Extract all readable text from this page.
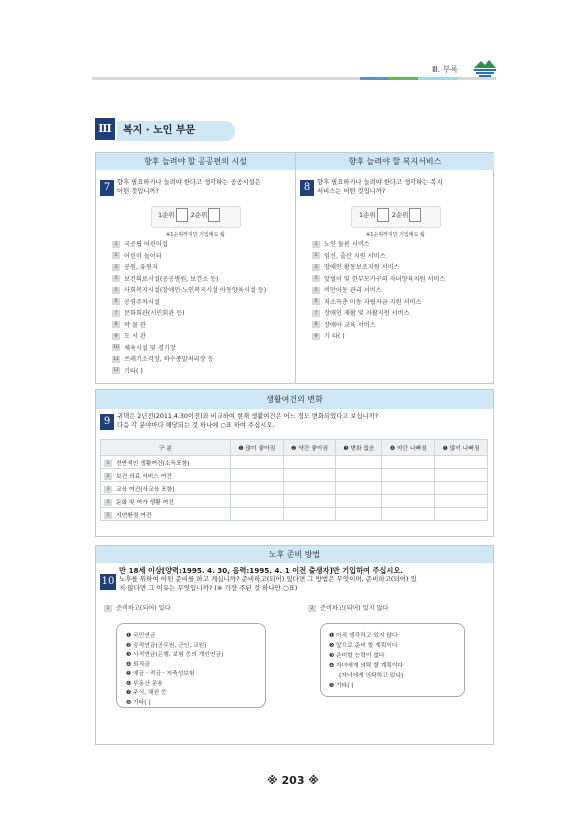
Ⅲ. 부록
Ⅲ	복지 · 노인 부문
향후 늘려야 할 공공편의 시설	향후 늘려야 할 복지서비스
7	향후 필요하거나 늘려야 한다고 생각하는 공공시설은
어떤 것입니까?	8	향후 필요하거나 늘려야 한다고 생각하는 복지
서비스는 어떤 것입니까?
1순위 2순위
※1순위까지만 기입해도 됨
1순위 2순위
※1순위까지만 기입해도 됨
1 국공립 어린이집
2 어린이 놀이터
3 공원, 유원지
4 보건의료시설(공공병원, 보건소 등)
5 사회복지시설(장애인·노인복지시설·아동양육시설 등)
6 공영주차시설
7 문화회관(시민회관 등)
8 박 물 관
9 도 서 관
10 체육시설 및 경기장
11 쓰레기소각장, 하수종말처리장 등
12 기타( )
1 노인 돌봄 서비스
2 임신, 출산 지원 서비스
3 장애인 활동보조지원 서비스
4 맞벌이 및 한부모가구의 자녀양육지원 서비스
5 비만아동 관리 서비스
6 저소득층 아동 자립자금 지원 서비스
7 장애인 재활 및 자활지원 서비스
8 장애아 교육 서비스
9 기 타( )
생활여건의 변화
9	귀댁은 2년전(2011.4.30이전)과 비교하여 현재 생활여건은 어느 정도 변화되었다고 보십니까?
다음 각 분야마다 해당되는 것 하나에 ○표 하여 주십시오.
구 분	❶ 많이 좋아짐	❷ 약간 좋아짐	❸ 변화 없음	❹ 약간 나빠짐	❺ 많이 나빠짐
1 전반적인 생활여건(소득포함)					
2 보건 의료 서비스 여건					
3 교육 여건(사교육 포함)					
4 문화 및 여가 생활 여건					
5 지연환경 여건					
노후 준비 방법
10
만 18세 이상[양력:1995. 4. 30, 음력:1995. 4. 1 이전 출생자]만 기입하여 주십시오.
노후를 위하여 어떤 준비를 하고 계십니까? 준비하고(되어) 있다면 그 방법은 무엇이며, 준비하고(되어) 있
지 않다면 그 이유는 무엇입니까? (※ 가장 주된 것 하나만 ○표)
1 준비하고(되어) 있다	2 준비하고(되어) 있지 않다
❶ 국민연금
❷ 공적연금(공무원, 군인, 교원)
❸ 사적연금(은행, 보험 등의 개인연금)
❹ 퇴직금
❺ 예금 · 적금 · 저축성보험
❻ 부동산 운용
❼ 주식, 채권 등
❽ 기타( )
❶ 아직 생각하고 있지 않다
❷ 앞으로 준비 할 계획이다
❸ 준비할 능력이 없다
❹ 자녀에게 의탁 할 계획이다
(자녀에게 의탁하고 있다)
❺ 기타( )
※ 203 ※
